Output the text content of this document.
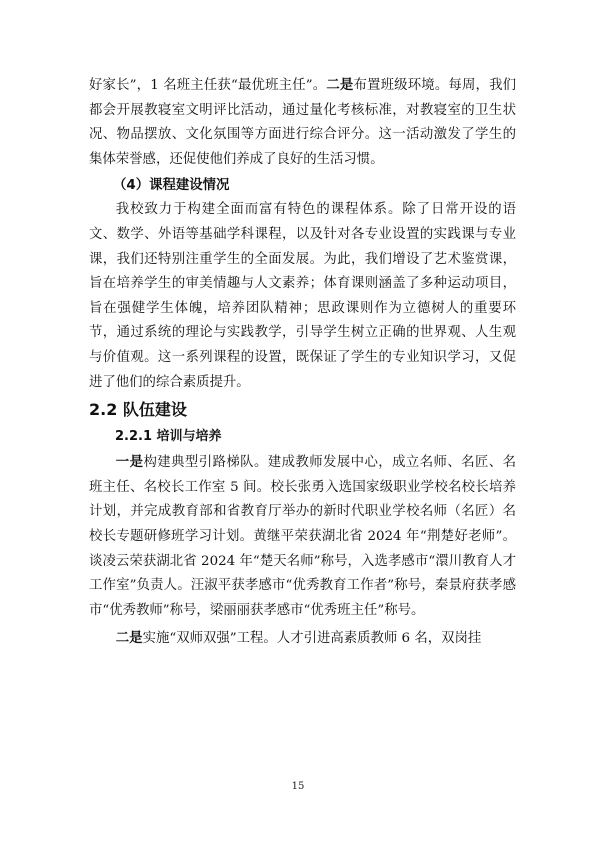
好家长”，1 名班主任获“最优班主任”。二是布置班级环境。每周，我们都会开展教寝室文明评比活动，通过量化考核标准，对教寝室的卫生状况、物品摆放、文化氛围等方面进行综合评分。这一活动激发了学生的集体荣誉感，还促使他们养成了良好的生活习惯。

（4）课程建设情况

我校致力于构建全面而富有特色的课程体系。除了日常开设的语文、数学、外语等基础学科课程，以及针对各专业设置的实践课与专业课，我们还特别注重学生的全面发展。为此，我们增设了艺术鉴赏课，旨在培养学生的审美情趣与人文素养；体育课则涵盖了多种运动项目，旨在强健学生体魄，培养团队精神；思政课则作为立德树人的重要环节，通过系统的理论与实践教学，引导学生树立正确的世界观、人生观与价值观。这一系列课程的设置，既保证了学生的专业知识学习，又促进了他们的综合素质提升。

2.2 队伍建设
2.2.1 培训与培养

一是构建典型引路梯队。建成教师发展中心，成立名师、名匠、名班主任、名校长工作室 5 间。校长张勇入选国家级职业学校名校长培养计划，并完成教育部和省教育厅举办的新时代职业学校名师（名匠）名校长专题研修班学习计划。黄继平荣获湖北省 2024 年“荆楚好老师”。谈凌云荣获湖北省 2024 年“楚天名师”称号，入选孝感市“澴川教育人才工作室”负责人。汪淑平获孝感市“优秀教育工作者”称号，秦景府获孝感市“优秀教师”称号，梁丽丽获孝感市“优秀班主任”称号。

二是实施“双师双强”工程。人才引进高素质教师 6 名，双岗挂

15
